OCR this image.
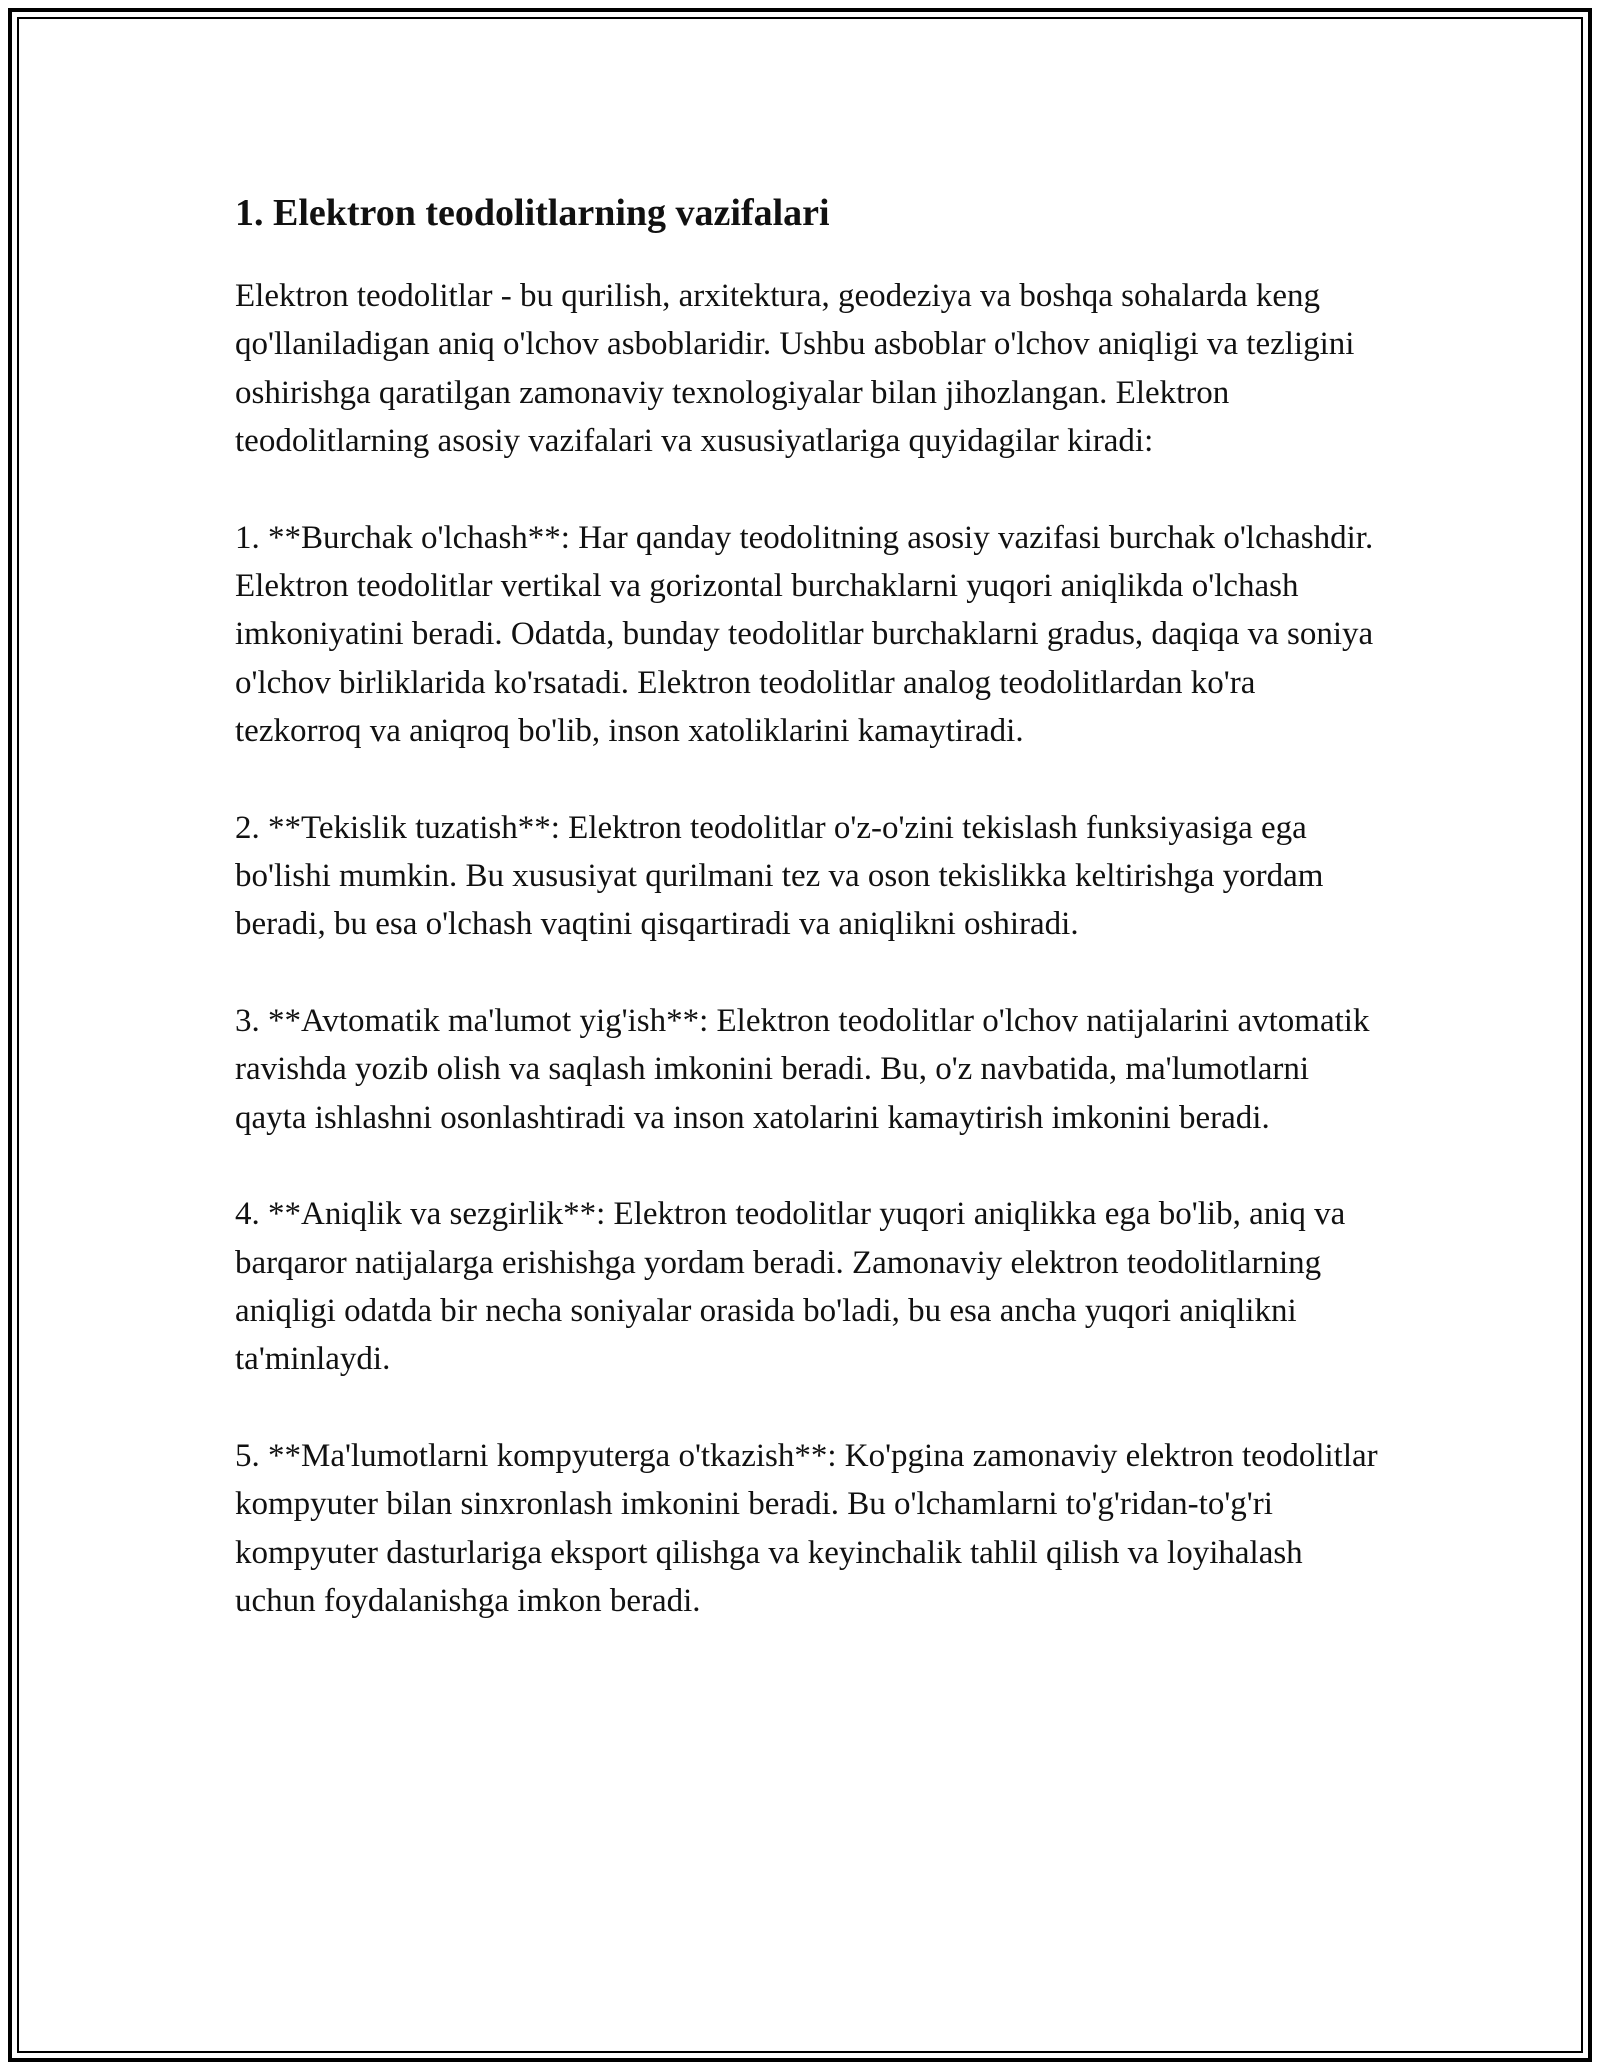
1. Elektron teodolitlarning vazifalari

Elektron teodolitlar - bu qurilish, arxitektura, geodeziya va boshqa sohalarda keng qo'llaniladigan aniq o'lchov asboblaridir. Ushbu asboblar o'lchov aniqligi va tezligini oshirishga qaratilgan zamonaviy texnologiyalar bilan jihozlangan. Elektron teodolitlarning asosiy vazifalari va xususiyatlariga quyidagilar kiradi:

1. **Burchak o'lchash**: Har qanday teodolitning asosiy vazifasi burchak o'lchashdir. Elektron teodolitlar vertikal va gorizontal burchaklarni yuqori aniqlikda o'lchash imkoniyatini beradi. Odatda, bunday teodolitlar burchaklarni gradus, daqiqa va soniya o'lchov birliklarida ko'rsatadi. Elektron teodolitlar analog teodolitlardan ko'ra tezkorroq va aniqroq bo'lib, inson xatoliklarini kamaytiradi.

2. **Tekislik tuzatish**: Elektron teodolitlar o'z-o'zini tekislash funksiyasiga ega bo'lishi mumkin. Bu xususiyat qurilmani tez va oson tekislikka keltirishga yordam beradi, bu esa o'lchash vaqtini qisqartiradi va aniqlikni oshiradi.

3. **Avtomatik ma'lumot yig'ish**: Elektron teodolitlar o'lchov natijalarini avtomatik ravishda yozib olish va saqlash imkonini beradi. Bu, o'z navbatida, ma'lumotlarni qayta ishlashni osonlashtiradi va inson xatolarini kamaytirish imkonini beradi.

4. **Aniqlik va sezgirlik**: Elektron teodolitlar yuqori aniqlikka ega bo'lib, aniq va barqaror natijalarga erishishga yordam beradi. Zamonaviy elektron teodolitlarning aniqligi odatda bir necha soniyalar orasida bo'ladi, bu esa ancha yuqori aniqlikni ta'minlaydi.

5. **Ma'lumotlarni kompyuterga o'tkazish**: Ko'pgina zamonaviy elektron teodolitlar kompyuter bilan sinxronlash imkonini beradi. Bu o'lchamlarni to'g'ridan-to'g'ri kompyuter dasturlariga eksport qilishga va keyinchalik tahlil qilish va loyihalash uchun foydalanishga imkon beradi.
